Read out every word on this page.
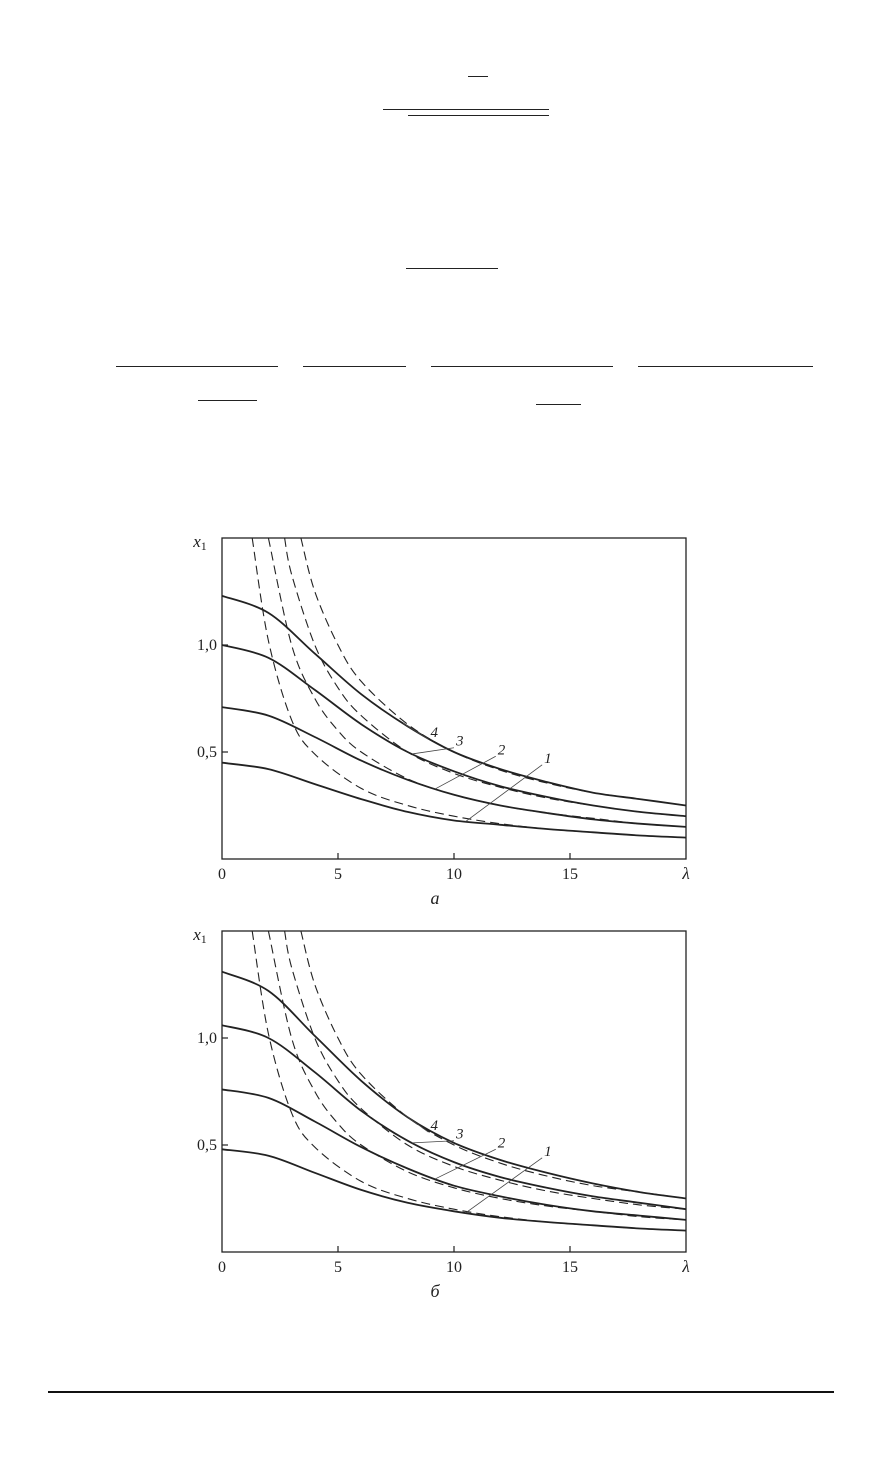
0,5
1,0
0	5	10	15	λ
x1
4
3
2
1
а
0,5
1,0
0	5	10	15	λ
x1
4
3
2
1
б
